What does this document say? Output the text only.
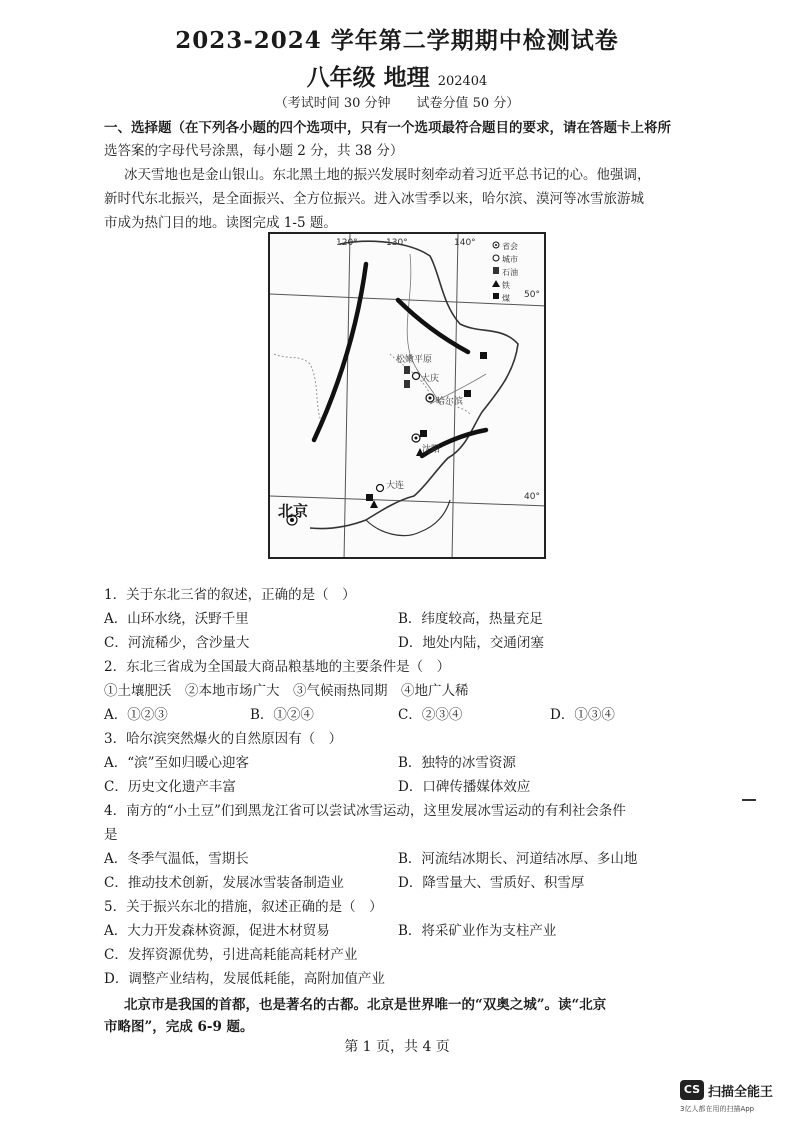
2023-2024 学年第二学期期中检测试卷
八年级 地理 202404
（考试时间 30 分钟　　试卷分值 50 分）
一、选择题（在下列各小题的四个选项中，只有一个选项最符合题目的要求，请在答题卡上将所
选答案的字母代号涂黑，每小题 2 分，共 38 分）
冰天雪地也是金山银山。东北黑土地的振兴发展时刻牵动着习近平总书记的心。他强调，
新时代东北振兴，是全面振兴、全方位振兴。进入冰雪季以来，哈尔滨、漠河等冰雪旅游城
市成为热门目的地。读图完成 1-5 题。
120°	130°	140°
50°
40°
松嫩平原
大庆
哈尔滨
沈阳
大连
北京
省会
城市
石油
铁
煤
1．关于东北三省的叙述，正确的是（　）
A．山环水绕，沃野千里	B．纬度较高，热量充足
C．河流稀少，含沙量大	D．地处内陆，交通闭塞
2．东北三省成为全国最大商品粮基地的主要条件是（　）
①土壤肥沃　②本地市场广大　③气候雨热同期　④地广人稀
A．①②③	B．①②④	C．②③④	D．①③④
3．哈尔滨突然爆火的自然原因有（　）
A．“滨”至如归暖心迎客	B．独特的冰雪资源
C．历史文化遗产丰富	D．口碑传播媒体效应
4．南方的“小土豆”们到黑龙江省可以尝试冰雪运动，这里发展冰雪运动的有利社会条件
是
A．冬季气温低，雪期长	B．河流结冰期长、河道结冰厚、多山地
C．推动技术创新，发展冰雪装备制造业	D．降雪量大、雪质好、积雪厚
5．关于振兴东北的措施，叙述正确的是（　）
A．大力开发森林资源，促进木材贸易	B．将采矿业作为支柱产业
C．发挥资源优势，引进高耗能高耗材产业
D．调整产业结构，发展低耗能，高附加值产业
北京市是我国的首都，也是著名的古都。北京是世界唯一的“双奥之城”。读“北京
市略图”，完成 6-9 题。
第 1 页，共 4 页
CS 扫描全能王
3亿人都在用的扫描App
